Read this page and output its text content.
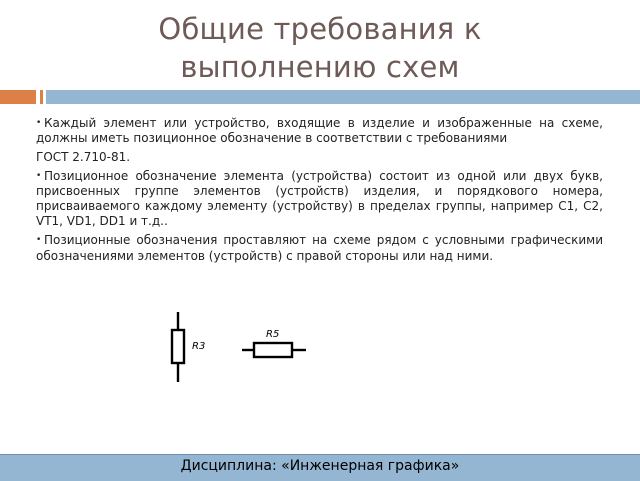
Общие требования к
выполнению схем

• Каждый элемент или устройство, входящие в изделие и изображенные на схеме, должны иметь позиционное обозначение в соответствии с требованиями

ГОСТ 2.710-81.

• Позиционное обозначение элемента (устройства) состоит из одной или двух букв, присвоенных группе элементов (устройств) изделия, и порядкового номера, присваиваемого каждому элементу (устройству) в пределах группы, например С1, С2, VT1, VD1, DD1 и т.д..

• Позиционные обозначения проставляют на схеме рядом с условными графическими обозначениями элементов (устройств) с правой стороны или над ними.

R3
R5
Дисциплина: «Инженерная графика»
